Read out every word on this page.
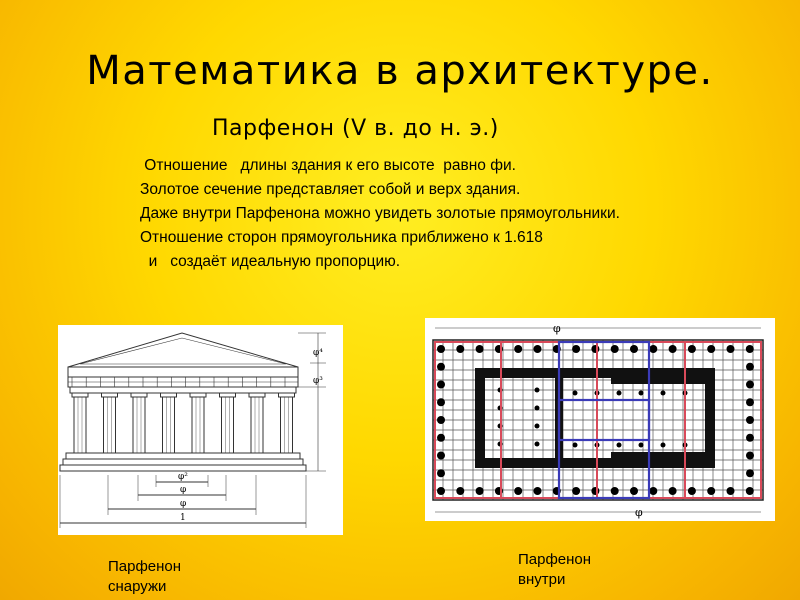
Математика в архитектуре.
Парфенон (V в. до н. э.)
Отношение   длины здания к его высоте  равно фи.
Золотое сечение представляет собой и верх здания.
Даже внутри Парфенона можно увидеть золотые прямоугольники.
Отношение сторон прямоугольника приближено к 1.618
и   создаёт идеальную пропорцию.
φ⁴
φ³
φ²
φ
φ
1
φ
φ
Парфенон
снаружи
Парфенон
внутри
